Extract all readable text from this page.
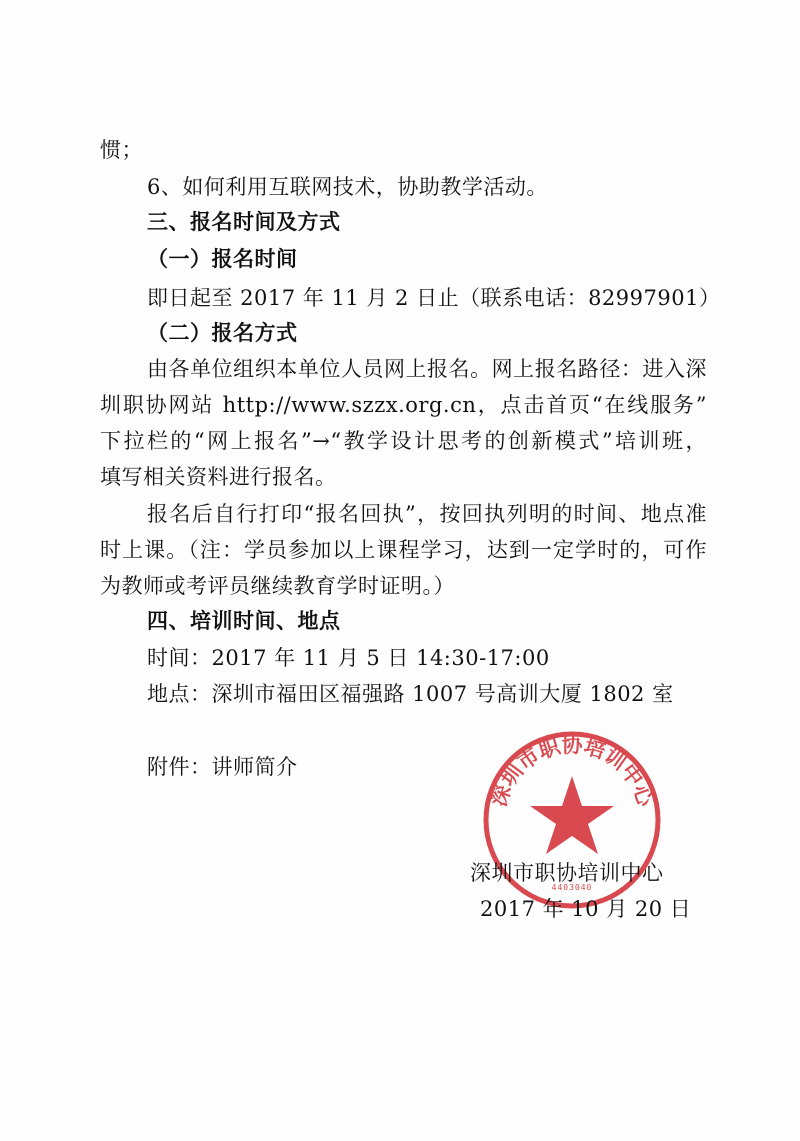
惯；
6、如何利用互联网技术，协助教学活动。
三、报名时间及方式
（一）报名时间
即日起至 2017 年 11 月 2 日止（联系电话：82997901）
（二）报名方式
由各单位组织本单位人员网上报名。网上报名路径：进入深
圳职协网站 http://www.szzx.org.cn，点击首页“在线服务”
下拉栏的“网上报名”→“教学设计思考的创新模式”培训班，
填写相关资料进行报名。
报名后自行打印“报名回执”，按回执列明的时间、地点准
时上课。（注：学员参加以上课程学习，达到一定学时的，可作
为教师或考评员继续教育学时证明。）
四、培训时间、地点
时间：2017 年 11 月 5 日 14:30-17:00
地点：深圳市福田区福强路 1007 号高训大厦 1802 室
附件：讲师简介
深圳市职协培训中心
4403040
深圳市职协培训中心
2017 年 10 月 20 日
